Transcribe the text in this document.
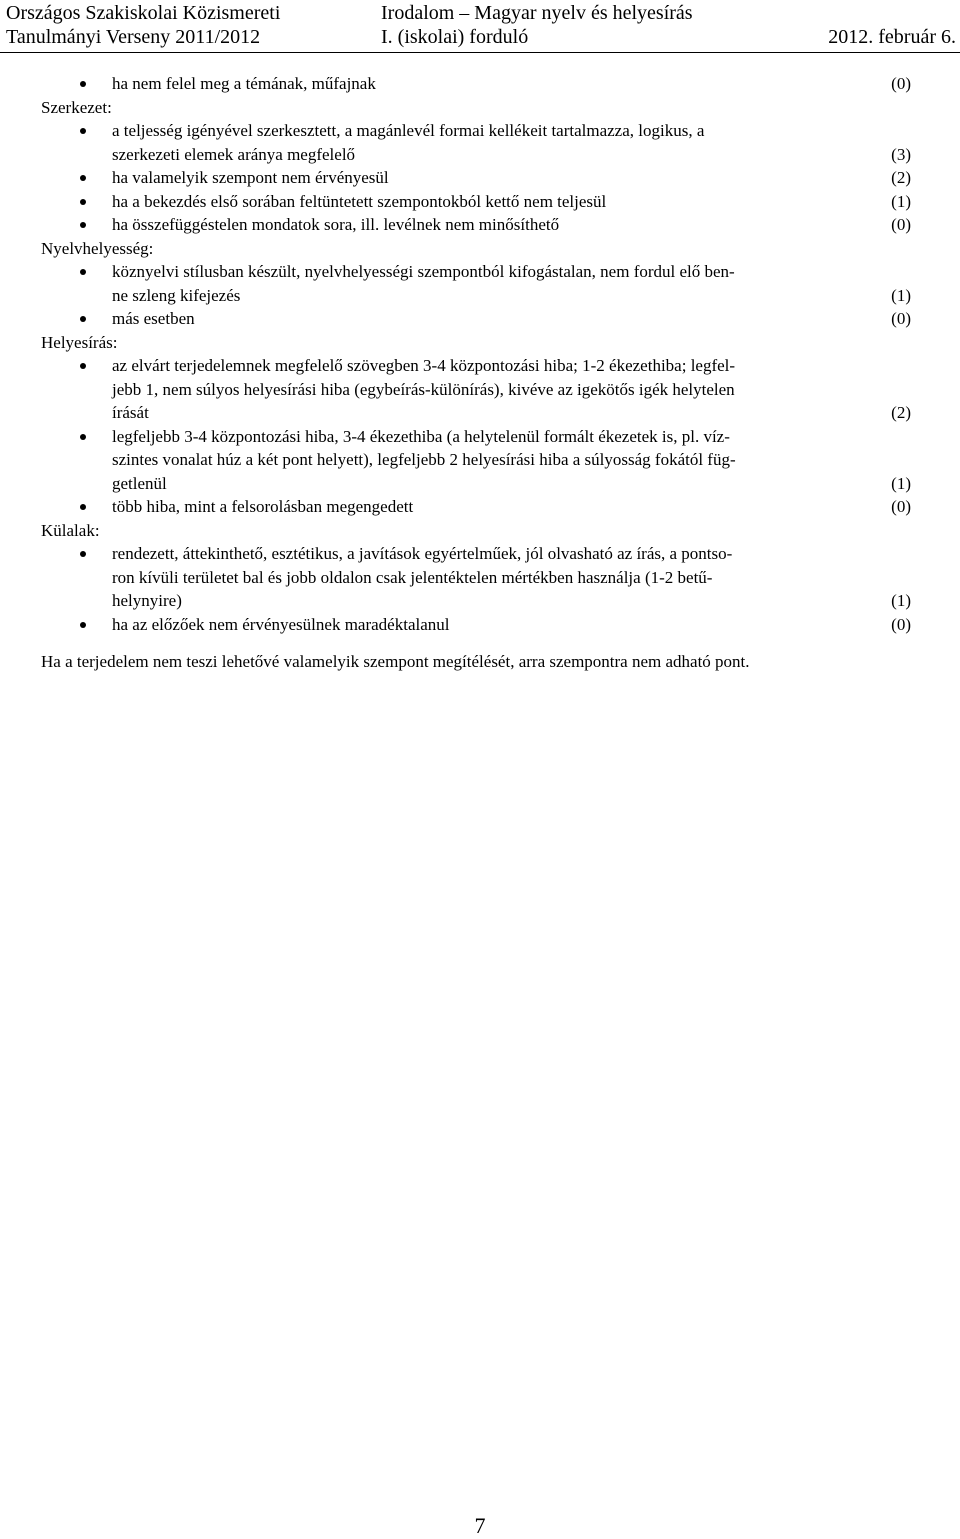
Országos Szakiskolai Közismereti
Tanulmányi Verseny 2011/2012
Irodalom – Magyar nyelv és helyesírás
I. (iskolai) forduló
	2012. február 6.
ha nem felel meg a témának, műfajnak	(0)
Szerkezet:
a teljesség igényével szerkesztett, a magánlevél formai kellékeit tartalmazza, logikus, a
szerkezeti elemek aránya megfelelő	(3)
ha valamelyik szempont nem érvényesül	(2)
ha a bekezdés első sorában feltüntetett szempontokból kettő nem teljesül	(1)
ha összefüggéstelen mondatok sora, ill. levélnek nem minősíthető	(0)
Nyelvhelyesség:
köznyelvi stílusban készült, nyelvhelyességi szempontból kifogástalan, nem fordul elő ben-
ne szleng kifejezés	(1)
más esetben	(0)
Helyesírás:
az elvárt terjedelemnek megfelelő szövegben 3-4 központozási hiba; 1-2 ékezethiba; legfel-
jebb 1, nem súlyos helyesírási hiba (egybeírás-különírás), kivéve az igekötős igék helytelen
írását	(2)
legfeljebb 3-4 központozási hiba, 3-4 ékezethiba (a helytelenül formált ékezetek is, pl. víz-
szintes vonalat húz a két pont helyett), legfeljebb 2 helyesírási hiba a súlyosság fokától füg-
getlenül	(1)
több hiba, mint a felsorolásban megengedett	(0)
Külalak:
rendezett, áttekinthető, esztétikus, a javítások egyértelműek, jól olvasható az írás, a pontso-
ron kívüli területet bal és jobb oldalon csak jelentéktelen mértékben használja (1-2 betű-
helynyire)	(1)
ha az előzőek nem érvényesülnek maradéktalanul	(0)
Ha a terjedelem nem teszi lehetővé valamelyik szempont megítélését, arra szempontra nem adható pont.
7
